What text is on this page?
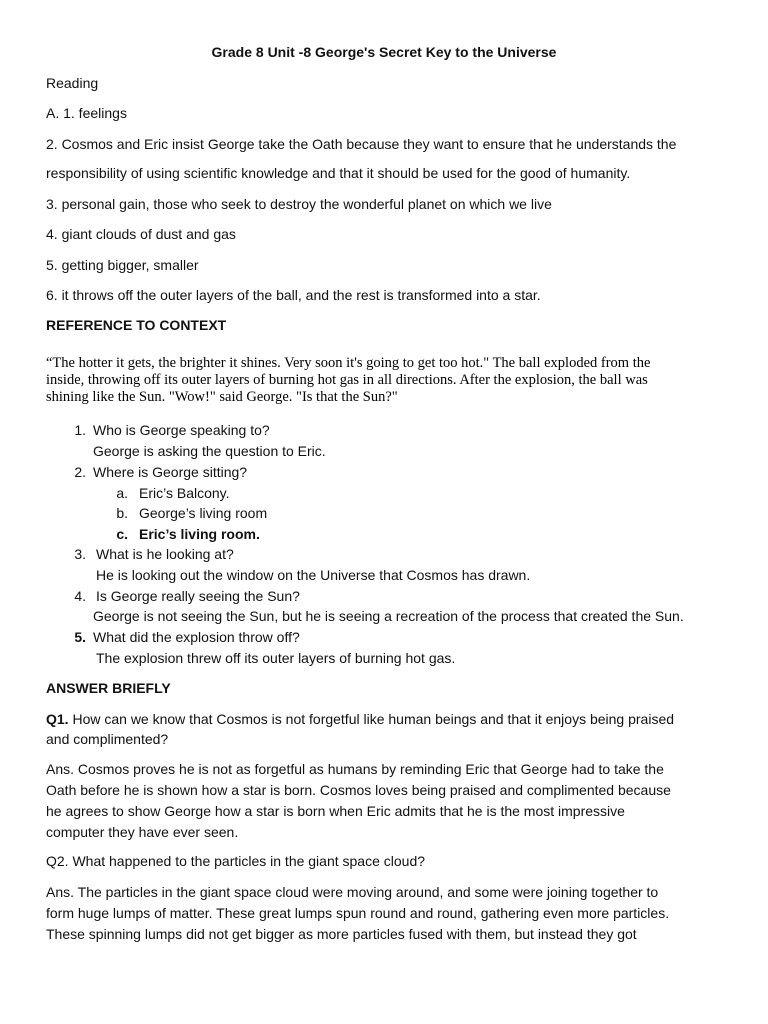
Grade 8 Unit -8 George's Secret Key to the Universe
Reading
A. 1. feelings
2. Cosmos and Eric insist George take the Oath because they want to ensure that he understands the
responsibility of using scientific knowledge and that it should be used for the good of humanity.
3. personal gain, those who seek to destroy the wonderful planet on which we live
4. giant clouds of dust and gas
5. getting bigger, smaller
6. it throws off the outer layers of the ball, and the rest is transformed into a star.
REFERENCE TO CONTEXT
“The hotter it gets, the brighter it shines. Very soon it's going to get too hot." The ball exploded from the
inside, throwing off its outer layers of burning hot gas in all directions. After the explosion, the ball was
shining like the Sun. "Wow!" said George. "Is that the Sun?"
1. Who is George speaking to?
George is asking the question to Eric.
2. Where is George sitting?
a. Eric’s Balcony.
b. George’s living room
c. Eric’s living room.
3. What is he looking at?
He is looking out the window on the Universe that Cosmos has drawn.
4. Is George really seeing the Sun?
George is not seeing the Sun, but he is seeing a recreation of the process that created the Sun.
5. What did the explosion throw off?
The explosion threw off its outer layers of burning hot gas.
ANSWER BRIEFLY
Q1. How can we know that Cosmos is not forgetful like human beings and that it enjoys being praised
and complimented?
Ans. Cosmos proves he is not as forgetful as humans by reminding Eric that George had to take the
Oath before he is shown how a star is born. Cosmos loves being praised and complimented because
he agrees to show George how a star is born when Eric admits that he is the most impressive
computer they have ever seen.
Q2. What happened to the particles in the giant space cloud?
Ans. The particles in the giant space cloud were moving around, and some were joining together to
form huge lumps of matter. These great lumps spun round and round, gathering even more particles.
These spinning lumps did not get bigger as more particles fused with them, but instead they got
